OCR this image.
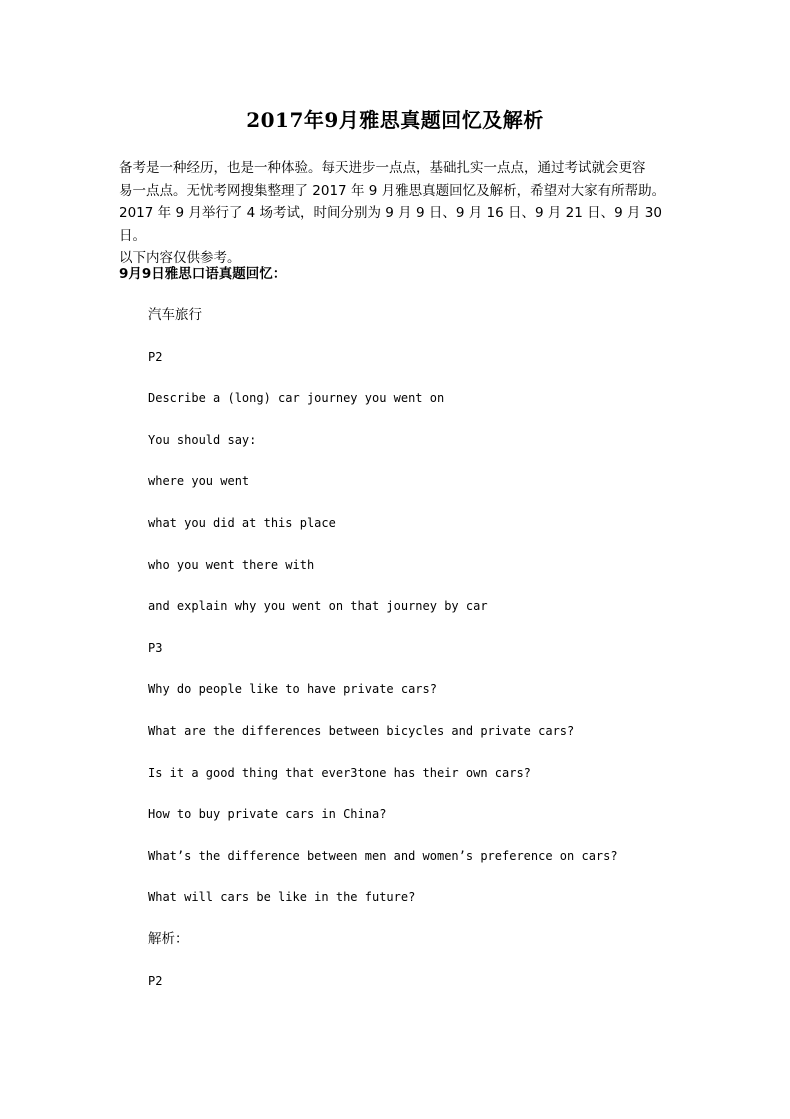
2017年9月雅思真题回忆及解析

备考是一种经历，也是一种体验。每天进步一点点，基础扎实一点点，通过考试就会更容

易一点点。无忧考网搜集整理了 2017 年 9 月雅思真题回忆及解析，希望对大家有所帮助。

2017 年 9 月举行了 4 场考试，时间分别为 9 月 9 日、9 月 16 日、9 月 21 日、9 月 30 日。

以下内容仅供参考。

9月9日雅思口语真题回忆：
汽车旅行
P2
Describe a (long) car journey you went on
You should say:
where you went
what you did at this place
who you went there with
and explain why you went on that journey by car
P3
Why do people like to have private cars?
What are the differences between bicycles and private cars?
Is it a good thing that ever3tone has their own cars?
How to buy private cars in China?
What’s the difference between men and women’s preference on cars?
What will cars be like in the future?
解析：
P2
